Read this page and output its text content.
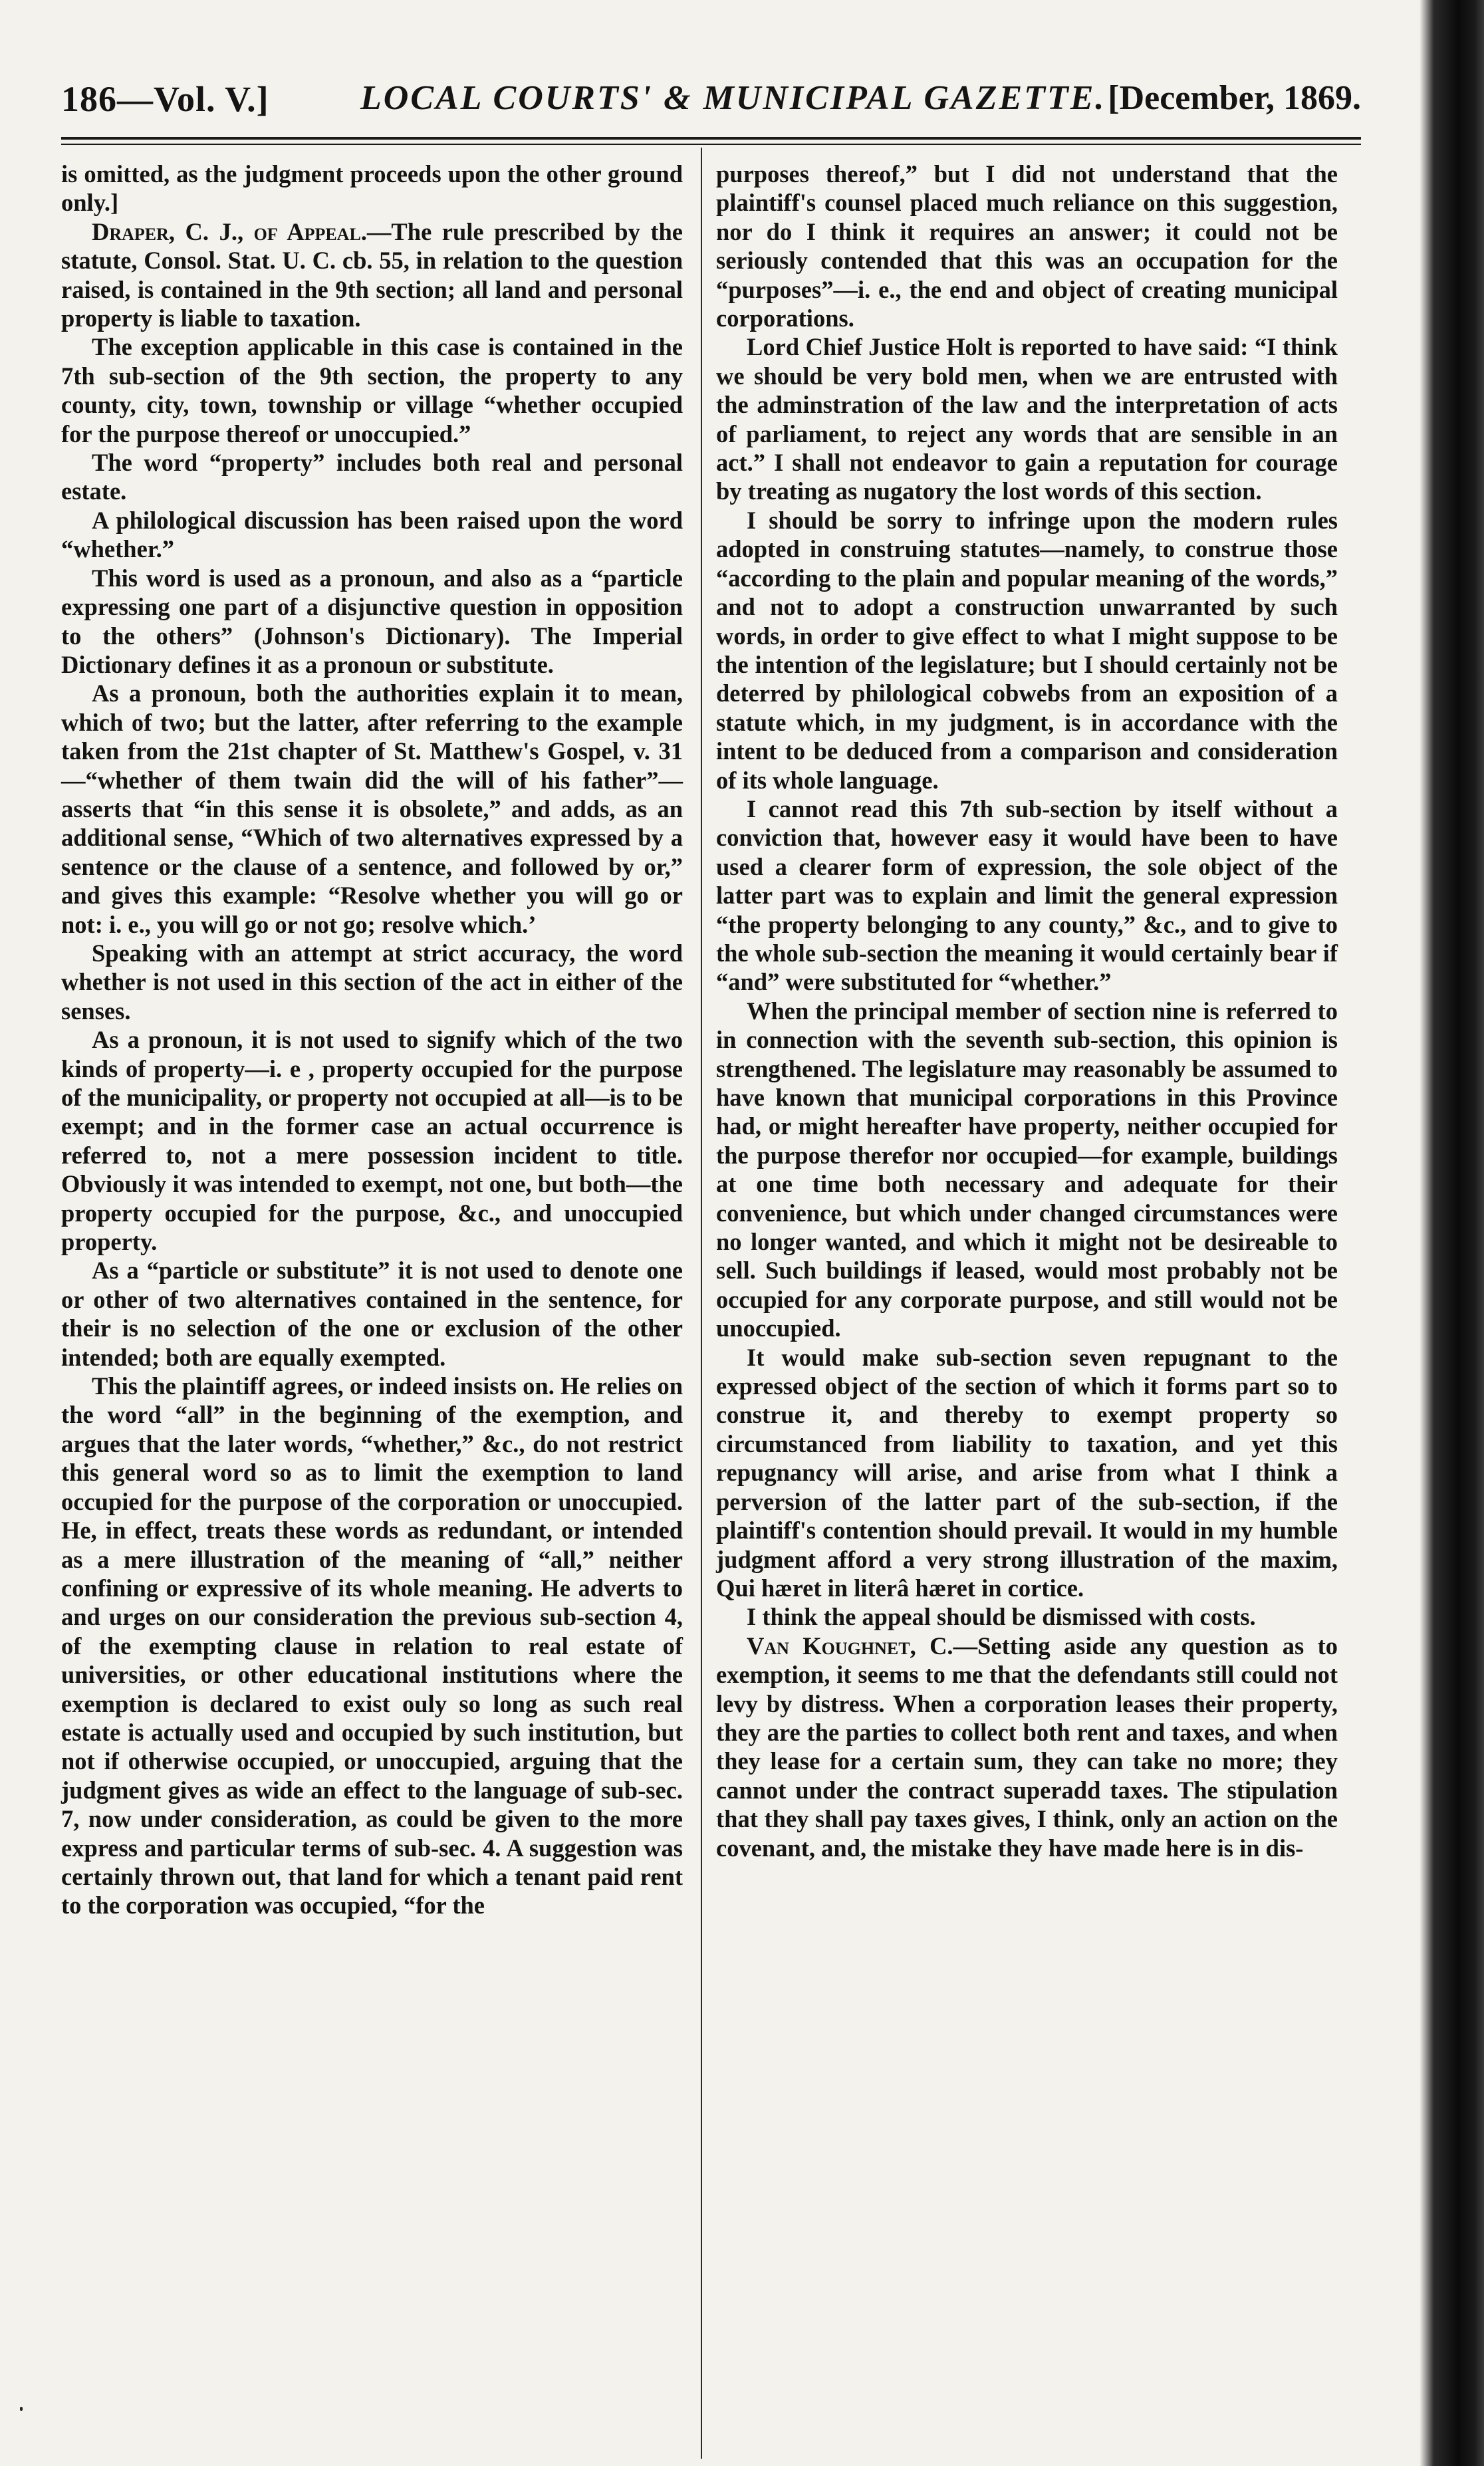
186—Vol. V.]	LOCAL COURTS' & MUNICIPAL GAZETTE. [December, 1869.

is omitted, as the judgment proceeds upon the other ground only.]

Draper, C. J., of Appeal.—The rule prescribed by the statute, Consol. Stat. U. C. cb. 55, in relation to the question raised, is contained in the 9th section; all land and personal property is liable to taxation.

The exception applicable in this case is contained in the 7th sub-section of the 9th section, the property to any county, city, town, township or village “whether occupied for the purpose thereof or unoccupied.”

The word “property” includes both real and personal estate.

A philological discussion has been raised upon the word “whether.”

This word is used as a pronoun, and also as a “particle expressing one part of a disjunctive question in opposition to the others” (Johnson's Dictionary). The Imperial Dictionary defines it as a pronoun or substitute.

As a pronoun, both the authorities explain it to mean, which of two; but the latter, after referring to the example taken from the 21st chapter of St. Matthew's Gospel, v. 31—“whether of them twain did the will of his father”—asserts that “in this sense it is obsolete,” and adds, as an additional sense, “Which of two alternatives expressed by a sentence or the clause of a sentence, and followed by or,” and gives this example: “Resolve whether you will go or not: i. e., you will go or not go; resolve which.’

Speaking with an attempt at strict accuracy, the word whether is not used in this section of the act in either of the senses.

As a pronoun, it is not used to signify which of the two kinds of property—i. e , property occupied for the purpose of the municipality, or property not occupied at all—is to be exempt; and in the former case an actual occurrence is referred to, not a mere possession incident to title. Obviously it was intended to exempt, not one, but both—the property occupied for the purpose, &c., and unoccupied property.

As a “particle or substitute” it is not used to denote one or other of two alternatives contained in the sentence, for their is no selection of the one or exclusion of the other intended; both are equally exempted.

This the plaintiff agrees, or indeed insists on. He relies on the word “all” in the beginning of the exemption, and argues that the later words, “whether,” &c., do not restrict this general word so as to limit the exemption to land occupied for the purpose of the corporation or unoccupied. He, in effect, treats these words as redundant, or intended as a mere illustration of the meaning of “all,” neither confining or expressive of its whole meaning. He adverts to and urges on our consideration the previous sub-section 4, of the exempting clause in relation to real estate of universities, or other educational institutions where the exemption is declared to exist ouly so long as such real estate is actually used and occupied by such institution, but not if otherwise occupied, or unoccupied, arguing that the judgment gives as wide an effect to the language of sub-sec. 7, now under consideration, as could be given to the more express and particular terms of sub-sec. 4. A suggestion was certainly thrown out, that land for which a tenant paid rent to the corporation was occupied, “for the

purposes thereof,” but I did not understand that the plaintiff's counsel placed much reliance on this suggestion, nor do I think it requires an answer; it could not be seriously contended that this was an occupation for the “purposes”—i. e., the end and object of creating municipal corporations.

Lord Chief Justice Holt is reported to have said: “I think we should be very bold men, when we are entrusted with the adminstration of the law and the interpretation of acts of parliament, to reject any words that are sensible in an act.” I shall not endeavor to gain a reputation for courage by treating as nugatory the lost words of this section.

I should be sorry to infringe upon the modern rules adopted in construing statutes—namely, to construe those “according to the plain and popular meaning of the words,” and not to adopt a construction unwarranted by such words, in order to give effect to what I might suppose to be the intention of the legislature; but I should certainly not be deterred by philological cobwebs from an exposition of a statute which, in my judgment, is in accordance with the intent to be deduced from a comparison and consideration of its whole language.

I cannot read this 7th sub-section by itself without a conviction that, however easy it would have been to have used a clearer form of expression, the sole object of the latter part was to explain and limit the general expression “the property belonging to any county,” &c., and to give to the whole sub-section the meaning it would certainly bear if “and” were substituted for “whether.”

When the principal member of section nine is referred to in connection with the seventh sub-section, this opinion is strengthened. The legislature may reasonably be assumed to have known that municipal corporations in this Province had, or might hereafter have property, neither occupied for the purpose therefor nor occupied—for example, buildings at one time both necessary and adequate for their convenience, but which under changed circumstances were no longer wanted, and which it might not be desireable to sell. Such buildings if leased, would most probably not be occupied for any corporate purpose, and still would not be unoccupied.

It would make sub-section seven repugnant to the expressed object of the section of which it forms part so to construe it, and thereby to exempt property so circumstanced from liability to taxation, and yet this repugnancy will arise, and arise from what I think a perversion of the latter part of the sub-section, if the plaintiff's contention should prevail. It would in my humble judgment afford a very strong illustration of the maxim, Qui hæret in literâ hæret in cortice.

I think the appeal should be dismissed with costs.

Van Koughnet, C.—Setting aside any question as to exemption, it seems to me that the defendants still could not levy by distress. When a corporation leases their property, they are the parties to collect both rent and taxes, and when they lease for a certain sum, they can take no more; they cannot under the contract superadd taxes. The stipulation that they shall pay taxes gives, I think, only an action on the covenant, and, the mistake they have made here is in dis-
